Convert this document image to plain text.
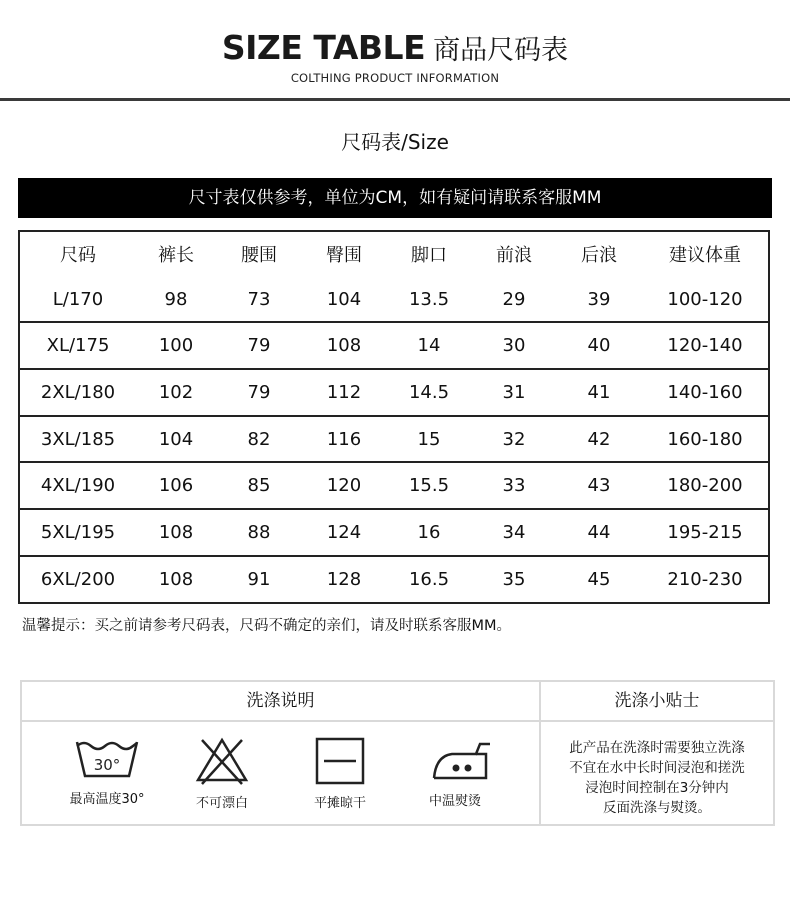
SIZE TABLE 商品尺码表
COLTHING PRODUCT INFORMATION
尺码表/Size
尺寸表仅供参考，单位为CM，如有疑问请联系客服MM
尺码	裤长	腰围	臀围	脚口	前浪	后浪	建议体重
L/170	98	73	104	13.5	29	39	100-120
XL/175	100	79	108	14	30	40	120-140
2XL/180	102	79	112	14.5	31	41	140-160
3XL/185	104	82	116	15	32	42	160-180
4XL/190	106	85	120	15.5	33	43	180-200
5XL/195	108	88	124	16	34	44	195-215
6XL/200	108	91	128	16.5	35	45	210-230
温馨提示：买之前请参考尺码表，尺码不确定的亲们，请及时联系客服MM。
洗涤说明
30°
最高温度30°	不可漂白	平摊晾干	中温熨烫
洗涤小贴士
此产品在洗涤时需要独立洗涤
不宜在水中长时间浸泡和搓洗
浸泡时间控制在3分钟内
反面洗涤与熨烫。
